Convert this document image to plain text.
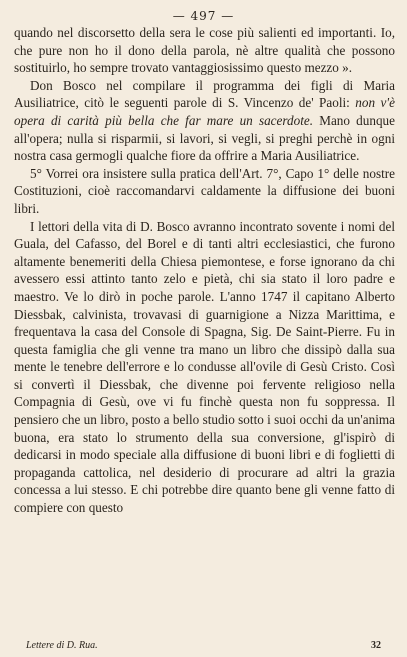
— 497 —

quando nel discorsetto della sera le cose più salienti ed importanti. Io, che pure non ho il dono della parola, nè altre qualità che possono sostituirlo, ho sempre trovato vantaggiosissimo questo mezzo ».

Don Bosco nel compilare il programma dei figli di Maria Ausiliatrice, citò le seguenti parole di S. Vincenzo de' Paoli: non v'è opera di carità più bella che far mare un sacerdote. Mano dunque all'opera; nulla si risparmii, si lavori, si vegli, si preghi perchè in ogni nostra casa germogli qualche fiore da offrire a Maria Ausiliatrice.

5° Vorrei ora insistere sulla pratica dell'Art. 7°, Capo 1° delle nostre Costituzioni, cioè raccomandarvi caldamente la diffusione dei buoni libri.

I lettori della vita di D. Bosco avranno incontrato sovente i nomi del Guala, del Cafasso, del Borel e di tanti altri ecclesiastici, che furono altamente benemeriti della Chiesa piemontese, e forse ignorano da chi avessero essi attinto tanto zelo e pietà, chi sia stato il loro padre e maestro. Ve lo dirò in poche parole. L'anno 1747 il capitano Alberto Diessbak, calvinista, trovavasi di guarnigione a Nizza Marittima, e frequentava la casa del Console di Spagna, Sig. De Saint-Pierre. Fu in questa famiglia che gli venne tra mano un libro che dissipò dalla sua mente le tenebre dell'errore e lo condusse all'ovile di Gesù Cristo. Così si convertì il Diessbak, che divenne poi fervente religioso nella Compagnia di Gesù, ove vi fu finchè questa non fu soppressa. Il pensiero che un libro, posto a bello studio sotto i suoi occhi da un'anima buona, era stato lo strumento della sua conversione, gl'ispirò di dedicarsi in modo speciale alla diffusione di buoni libri e di foglietti di propaganda cattolica, nel desiderio di procurare ad altri la grazia concessa a lui stesso. E chi potrebbe dire quanto bene gli venne fatto di compiere con questo

Lettere di D. Rua.	32
